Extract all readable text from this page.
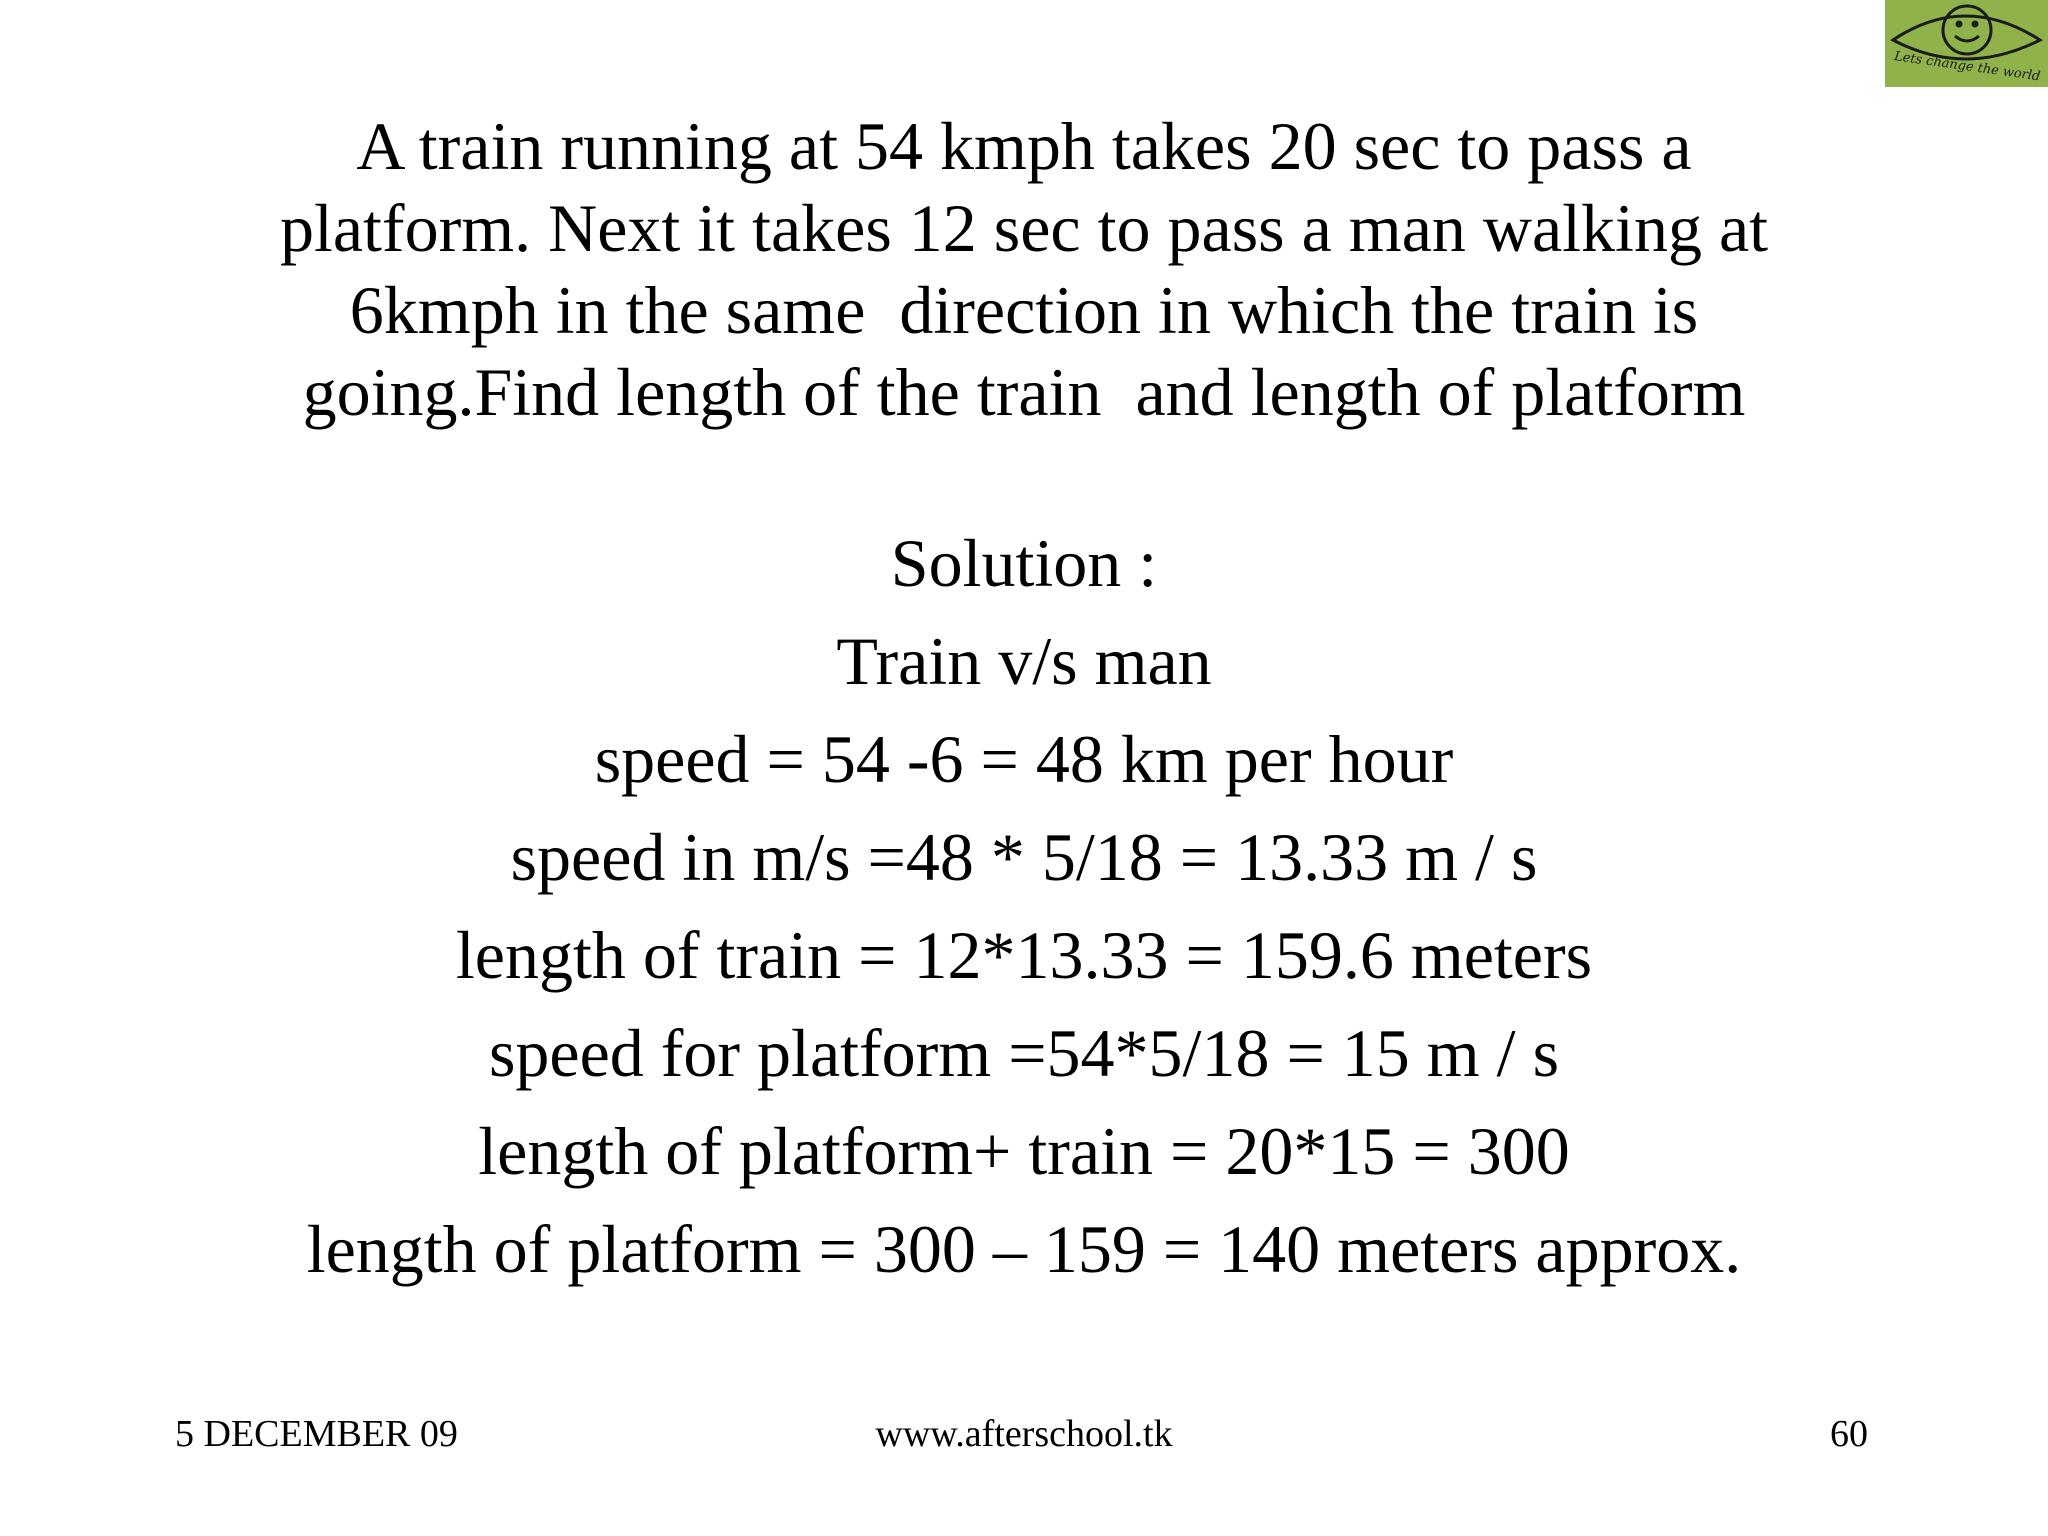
Lets change the world
A train running at 54 kmph takes 20 sec to pass a
platform. Next it takes 12 sec to pass a man walking at
6kmph in the same  direction in which the train is
going.Find length of the train  and length of platform
Solution :
Train v/s man
speed = 54 -6 = 48 km per hour
speed in m/s =48 * 5/18 = 13.33 m / s
length of train = 12*13.33 = 159.6 meters
speed for platform =54*5/18 = 15 m / s
length of platform+ train = 20*15 = 300
length of platform = 300 – 159 = 140 meters approx.
5 DECEMBER 09	www.afterschool.tk	60
